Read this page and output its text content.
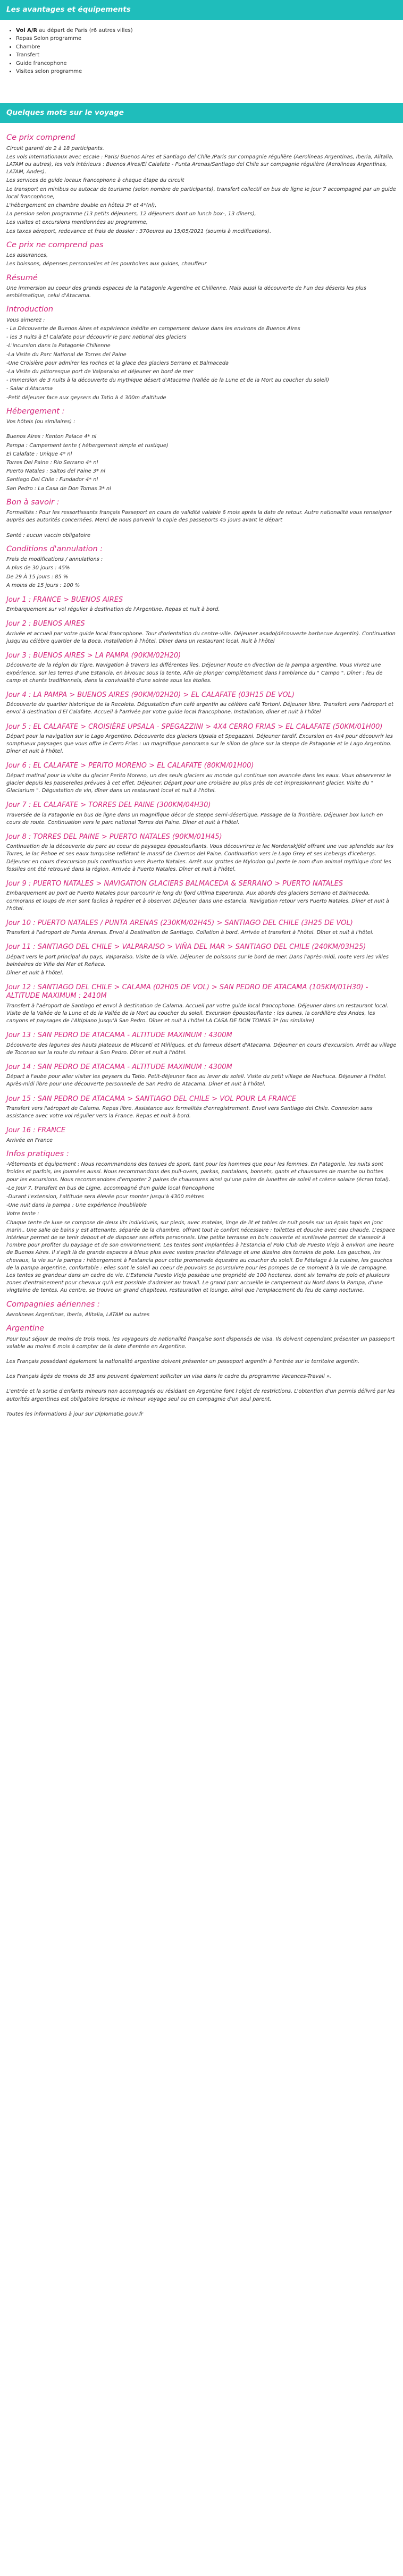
Les avantages et équipements
• Vol A/R au départ de Paris (r6 autres villes)
• Repas Selon programme
• Chambre
• Transfert
• Guide francophone
• Visites selon programme
Quelques mots sur le voyage
Ce prix comprend

Circuit garanti de 2 à 18 participants.

Les vols internationaux avec escale : Paris/ Buenos Aires et Santiago del Chile /Paris sur compagnie régulière (Aerolineas Argentinas, Iberia, Alitalia, LATAM ou autres), les vols intérieurs : Buenos Aires/El Calafate - Punta Arenas/Santiago del Chile sur compagnie régulière (Aerolineas Argentinas, LATAM, Andes).

Les services de guide locaux francophone à chaque étape du circuit

Le transport en minibus ou autocar de tourisme (selon nombre de participants), transfert collectif en bus de ligne le jour 7 accompagné par un guide local francophone,

L'hébergement en chambre double en hôtels 3* et 4*(nl),

La pension selon programme (13 petits déjeuners, 12 déjeuners dont un lunch box-, 13 dîners),

Les visites et excursions mentionnées au programme,

Les taxes aéroport, redevance et frais de dossier : 370euros au 15/05/2021 (soumis à modifications).

Ce prix ne comprend pas

Les assurances,

Les boissons, dépenses personnelles et les pourboires aux guides, chauffeur

Résumé

Une immersion au coeur des grands espaces de la Patagonie Argentine et Chilienne. Mais aussi la découverte de l'un des déserts les plus emblématique, celui d'Atacama.

Introduction

Vous aimerez :

- La Découverte de Buenos Aires et expérience inédite en campement deluxe dans les environs de Buenos Aires

- les 3 nuits à El Calafate pour découvrir le parc national des glaciers

-L'incursion dans la Patagonie Chilienne

-La Visite du Parc National de Torres del Paine

-Une Croisière pour admirer les roches et la glace des glaciers Serrano et Balmaceda

-La Visite du pittoresque port de Valparaiso et déjeuner en bord de mer

- Immersion de 3 nuits à la découverte du mythique désert d'Atacama (Vallée de la Lune et de la Mort au coucher du soleil)

- Salar d'Atacama

-Petit déjeuner face aux geysers du Tatio à 4 300m d'altitude

Hébergement :

Vos hôtels (ou similaires) :

Buenos Aires : Kenton Palace 4* nl

Pampa : Campement tente ( hébergement simple et rustique)

El Calafate : Unique 4* nl

Torres Del Paine : Rio Serrano 4* nl

Puerto Natales : Saltos del Paine 3* nl

Santiago Del Chile : Fundador 4* nl

San Pedro : La Casa de Don Tomas 3* nl

Bon à savoir :

Formalités : Pour les ressortissants français Passeport en cours de validité valable 6 mois après la date de retour. Autre nationalité vous renseigner auprès des autorités concernées. Merci de nous parvenir la copie des passeports 45 jours avant le départ

Santé : aucun vaccin obligatoire

Conditions d'annulation :

Frais de modifications / annulations :

A plus de 30 jours : 45%

De 29 À 15 jours : 85 %

A moins de 15 jours : 100 %

Jour 1 : FRANCE > BUENOS AIRES

Embarquement sur vol régulier à destination de l'Argentine. Repas et nuit à bord.

Jour 2 : BUENOS AIRES

Arrivée et accueil par votre guide local francophone. Tour d'orientation du centre-ville. Déjeuner asado(découverte barbecue Argentin). Continuation jusqu'au célèbre quartier de la Boca. Installation à l'hôtel. Dîner dans un restaurant local. Nuit à l'hôtel

Jour 3 : BUENOS AIRES > LA PAMPA (90KM/02H20)

Découverte de la région du Tigre. Navigation à travers les différentes îles. Déjeuner Route en direction de la pampa argentine. Vous vivrez une expérience, sur les terres d'une Estancia, en bivouac sous la tente. Afin de plonger complètement dans l'ambiance du " Campo ". Dîner : feu de camp et chants traditionnels, dans la convivialité d'une soirée sous les étoiles.

Jour 4 : LA PAMPA > BUENOS AIRES (90KM/02H20) > EL CALAFATE (03H15 DE VOL)

Découverte du quartier historique de la Recoleta. Dégustation d'un café argentin au célèbre café Tortoni. Déjeuner libre. Transfert vers l'aéroport et envol à destination d'El Calafate. Accueil à l'arrivée par votre guide local francophone. Installation, dîner et nuit à l'hôtel

Jour 5 : EL CALAFATE > CROISIÈRE UPSALA - SPEGAZZINI > 4X4 CERRO FRIAS > EL CALAFATE (50KM/01H00)

Départ pour la navigation sur le Lago Argentino. Découverte des glaciers Upsala et Spegazzini. Déjeuner tardif. Excursion en 4x4 pour découvrir les somptueux paysages que vous offre le Cerro Frías : un magnifique panorama sur le sillon de glace sur la steppe de Patagonie et le Lago Argentino. Dîner et nuit à l'hôtel.

Jour 6 : EL CALAFATE > PERITO MORENO > EL CALAFATE (80KM/01H00)

Départ matinal pour la visite du glacier Perito Moreno, un des seuls glaciers au monde qui continue son avancée dans les eaux. Vous observerez le glacier depuis les passerelles prévues à cet effet. Déjeuner. Départ pour une croisière au plus près de cet impressionnant glacier. Visite du " Glaciarium ". Dégustation de vin, dîner dans un restaurant local et nuit à l'hôtel.

Jour 7 : EL CALAFATE > TORRES DEL PAINE (300KM/04H30)

Traversée de la Patagonie en bus de ligne dans un magnifique décor de steppe semi-désertique. Passage de la frontière. Déjeuner box lunch en cours de route. Continuation vers le parc national Torres del Paine. Dîner et nuit à l'hôtel.

Jour 8 : TORRES DEL PAINE > PUERTO NATALES (90KM/01H45)

Continuation de la découverte du parc au coeur de paysages époustouflants. Vous découvrirez le lac Nordenskjöld offrant une vue splendide sur les Torres, le lac Pehoe et ses eaux turquoise reflétant le massif de Cuernos del Paine. Continuation vers le Lago Grey et ses icebergs d'icebergs. Déjeuner en cours d'excursion puis continuation vers Puerto Natales. Arrêt aux grottes de Mylodon qui porte le nom d'un animal mythique dont les fossiles ont été retrouvé dans la région. Arrivée à Puerto Natales. Dîner et nuit à l'hôtel.

Jour 9 : PUERTO NATALES > NAVIGATION GLACIERS BALMACEDA & SERRANO > PUERTO NATALES

Embarquement au port de Puerto Natales pour parcourir le long du fjord Ultima Esperanza. Aux abords des glaciers Serrano et Balmaceda, cormorans et loups de mer sont faciles à repérer et à observer. Déjeuner dans une estancia. Navigation retour vers Puerto Natales. Dîner et nuit à l'hôtel.

Jour 10 : PUERTO NATALES / PUNTA ARENAS (230KM/02H45) > SANTIAGO DEL CHILE (3H25 DE VOL)

Transfert à l'aéroport de Punta Arenas. Envol à Destination de Santiago. Collation à bord. Arrivée et transfert à l'hôtel. Dîner et nuit à l'hôtel.

Jour 11 : SANTIAGO DEL CHILE > VALPARAISO > VIÑA DEL MAR > SANTIAGO DEL CHILE (240KM/03H25)

Départ vers le port principal du pays, Valparaiso. Visite de la ville. Déjeuner de poissons sur le bord de mer. Dans l'après-midi, route vers les villes balnéaires de Viña del Mar et Reñaca.

Dîner et nuit à l'hôtel.

Jour 12 : SANTIAGO DEL CHILE > CALAMA (02H05 DE VOL) > SAN PEDRO DE ATACAMA (105KM/01H30) - ALTITUDE MAXIMUM : 2410M

Transfert à l'aéroport de Santiago et envol à destination de Calama. Accueil par votre guide local francophone. Déjeuner dans un restaurant local. Visite de la Vallée de la Lune et de la Vallée de la Mort au coucher du soleil. Excursion époustouflante : les dunes, la cordillère des Andes, les canyons et paysages de l'Altiplano jusqu'à San Pedro. Dîner et nuit à l'hôtel LA CASA DE DON TOMAS 3* (ou similaire)

Jour 13 : SAN PEDRO DE ATACAMA - ALTITUDE MAXIMUM : 4300M

Découverte des lagunes des hauts plateaux de Miscanti et Miñiques, et du fameux désert d'Atacama. Déjeuner en cours d'excursion. Arrêt au village de Toconao sur la route du retour à San Pedro. Dîner et nuit à l'hôtel.

Jour 14 : SAN PEDRO DE ATACAMA - ALTITUDE MAXIMUM : 4300M

Départ à l'aube pour aller visiter les geysers du Tatio. Petit-déjeuner face au lever du soleil. Visite du petit village de Machuca. Déjeuner à l'hôtel. Après-midi libre pour une découverte personnelle de San Pedro de Atacama. Dîner et nuit à l'hôtel.

Jour 15 : SAN PEDRO DE ATACAMA > SANTIAGO DEL CHILE > VOL POUR LA FRANCE

Transfert vers l'aéroport de Calama. Repas libre. Assistance aux formalités d'enregistrement. Envol vers Santiago del Chile. Connexion sans assistance avec votre vol régulier vers la France. Repas et nuit à bord.

Jour 16 : FRANCE

Arrivée en France

Infos pratiques :

-Vêtements et équipement : Nous recommandons des tenues de sport, tant pour les hommes que pour les femmes. En Patagonie, les nuits sont froides et parfois, les journées aussi. Nous recommandons des pull-overs, parkas, pantalons, bonnets, gants et chaussures de marche ou bottes pour les excursions. Nous recommandons d'emporter 2 paires de chaussures ainsi qu'une paire de lunettes de soleil et crème solaire (écran total).

-Le Jour 7, transfert en bus de Ligne, accompagné d'un guide local francophone

-Durant l'extension, l'altitude sera élevée pour monter jusqu'à 4300 mètres

-Une nuit dans la pampa : Une expérience inoubliable

Votre tente :

Chaque tente de luxe se compose de deux lits individuels, sur pieds, avec matelas, linge de lit et tables de nuit posés sur un épais tapis en jonc marin.. Une salle de bains y est attenante, séparée de la chambre, offrant tout le confort nécessaire : toilettes et douche avec eau chaude. L'espace intérieur permet de se tenir debout et de disposer ses effets personnels. Une petite terrasse en bois couverte et surélevée permet de s'asseoir à l'ombre pour profiter du paysage et de son environnement. Les tentes sont implantées à l'Estancia el Polo Club de Puesto Viejo à environ une heure de Buenos Aires. Il s'agit là de grands espaces à bleue plus avec vastes prairies d'élevage et une dizaine des terrains de polo. Les gauchos, les chevaux, la vie sur la pampa : hébergement à l'estancia pour cette promenade équestre au coucher du soleil. De l'étalage à la cuisine, les gauchos de la pampa argentine, confortable : elles sont le soleil au coeur de pouvoirs se poursuivre pour les pompes de ce moment à la vie de campagne. Les tentes se grandeur dans un cadre de vie. L'Estancia Puesto Viejo possède une propriété de 100 hectares, dont six terrains de polo et plusieurs zones d'entrainement pour chevaux qu'il est possible d'admirer au travail. Le grand parc accueille le campement du Nord dans la Pampa, d'une vingtaine de tentes. Au centre, se trouve un grand chapiteau, restauration et lounge, ainsi que l'emplacement du feu de camp nocturne.

Compagnies aériennes :

Aerolineas Argentinas, Iberia, Alitalia, LATAM ou autres

Argentine

Pour tout séjour de moins de trois mois, les voyageurs de nationalité française sont dispensés de visa. Ils doivent cependant présenter un passeport valable au moins 6 mois à compter de la date d'entrée en Argentine.

Les Français possédant également la nationalité argentine doivent présenter un passeport argentin à l'entrée sur le territoire argentin.

Les Français âgés de moins de 35 ans peuvent également solliciter un visa dans le cadre du programme Vacances-Travail ».

L'entrée et la sortie d'enfants mineurs non accompagnés ou résidant en Argentine font l'objet de restrictions. L'obtention d'un permis délivré par les autorités argentines est obligatoire lorsque le mineur voyage seul ou en compagnie d'un seul parent.

Toutes les informations à jour sur Diplomatie.gouv.fr
